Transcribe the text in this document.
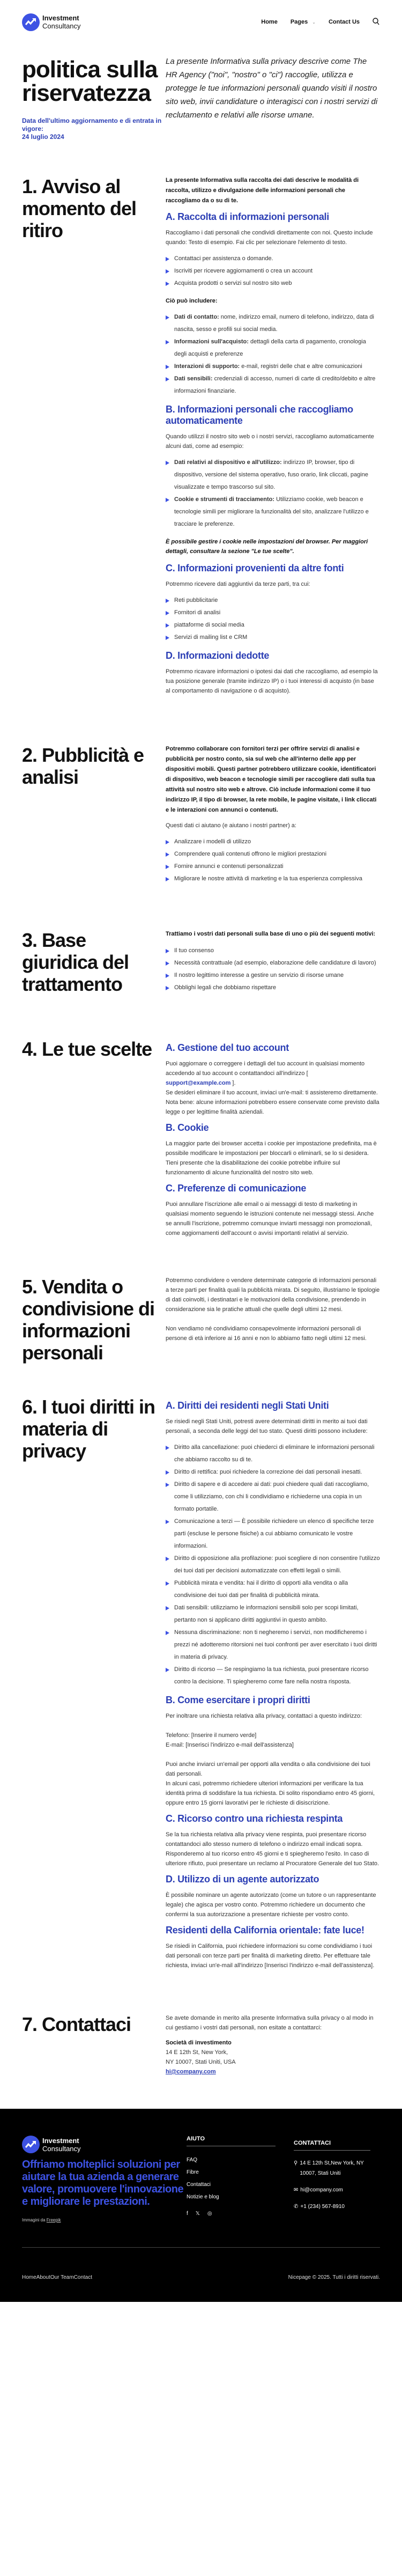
Investment
Consultancy	Home Pages ⌄ Contact Us
politica sulla riservatezza
Data dell'ultimo aggiornamento e di entrata in vigore:
24 luglio 2024

La presente Informativa sulla privacy descrive come The HR Agency ("noi", "nostro" o "ci") raccoglie, utilizza e protegge le tue informazioni personali quando visiti il nostro sito web, invii candidature o interagisci con i nostri servizi di reclutamento e relativi alle risorse umane.

1. Avviso al momento del ritiro

La presente Informativa sulla raccolta dei dati descrive le modalità di raccolta, utilizzo e divulgazione delle informazioni personali che raccogliamo da o su di te.

A. Raccolta di informazioni personali

Raccogliamo i dati personali che condividi direttamente con noi. Questo include quando: Testo di esempio. Fai clic per selezionare l'elemento di testo.

Contattaci per assistenza o domande.
Iscriviti per ricevere aggiornamenti o crea un account
Acquista prodotti o servizi sul nostro sito web

Ciò può includere:

Dati di contatto: nome, indirizzo email, numero di telefono, indirizzo, data di nascita, sesso e profili sui social media.
Informazioni sull'acquisto: dettagli della carta di pagamento, cronologia degli acquisti e preferenze
Interazioni di supporto: e-mail, registri delle chat e altre comunicazioni
Dati sensibili: credenziali di accesso, numeri di carte di credito/debito e altre informazioni finanziarie.
B. Informazioni personali che raccogliamo automaticamente

Quando utilizzi il nostro sito web o i nostri servizi, raccogliamo automaticamente alcuni dati, come ad esempio:

Dati relativi al dispositivo e all'utilizzo: indirizzo IP, browser, tipo di dispositivo, versione del sistema operativo, fuso orario, link cliccati, pagine visualizzate e tempo trascorso sul sito.
Cookie e strumenti di tracciamento: Utilizziamo cookie, web beacon e tecnologie simili per migliorare la funzionalità del sito, analizzare l'utilizzo e tracciare le preferenze.

È possibile gestire i cookie nelle impostazioni del browser. Per maggiori dettagli, consultare la sezione "Le tue scelte".

C. Informazioni provenienti da altre fonti

Potremmo ricevere dati aggiuntivi da terze parti, tra cui:

Reti pubblicitarie
Fornitori di analisi
piattaforme di social media
Servizi di mailing list e CRM
D. Informazioni dedotte

Potremmo ricavare informazioni o ipotesi dai dati che raccogliamo, ad esempio la tua posizione generale (tramite indirizzo IP) o i tuoi interessi di acquisto (in base al comportamento di navigazione o di acquisto).

2. Pubblicità e analisi

Potremmo collaborare con fornitori terzi per offrire servizi di analisi e pubblicità per nostro conto, sia sul web che all'interno delle app per dispositivi mobili. Questi partner potrebbero utilizzare cookie, identificatori di dispositivo, web beacon e tecnologie simili per raccogliere dati sulla tua attività sul nostro sito web e altrove. Ciò include informazioni come il tuo indirizzo IP, il tipo di browser, la rete mobile, le pagine visitate, i link cliccati e le interazioni con annunci o contenuti.

Questi dati ci aiutano (e aiutano i nostri partner) a:

Analizzare i modelli di utilizzo
Comprendere quali contenuti offrono le migliori prestazioni
Fornire annunci e contenuti personalizzati
Migliorare le nostre attività di marketing e la tua esperienza complessiva
3. Base giuridica del trattamento

Trattiamo i vostri dati personali sulla base di uno o più dei seguenti motivi:

Il tuo consenso
Necessità contrattuale (ad esempio, elaborazione delle candidature di lavoro)
Il nostro legittimo interesse a gestire un servizio di risorse umane
Obblighi legali che dobbiamo rispettare
4. Le tue scelte	A. Gestione del tuo account

Puoi aggiornare o correggere i dettagli del tuo account in qualsiasi momento accedendo al tuo account o contattandoci all'indirizzo [
support@example.com ].

Se desideri eliminare il tuo account, inviaci un'e-mail: ti assisteremo direttamente.

Nota bene: alcune informazioni potrebbero essere conservate come previsto dalla legge o per legittime finalità aziendali.

B. Cookie

La maggior parte dei browser accetta i cookie per impostazione predefinita, ma è possibile modificare le impostazioni per bloccarli o eliminarli, se lo si desidera. Tieni presente che la disabilitazione dei cookie potrebbe influire sul funzionamento di alcune funzionalità del nostro sito web.

C. Preferenze di comunicazione

Puoi annullare l'iscrizione alle email o ai messaggi di testo di marketing in qualsiasi momento seguendo le istruzioni contenute nei messaggi stessi. Anche se annulli l'iscrizione, potremmo comunque inviarti messaggi non promozionali, come aggiornamenti dell'account o avvisi importanti relativi al servizio.

5. Vendita o condivisione di informazioni personali

Potremmo condividere o vendere determinate categorie di informazioni personali a terze parti per finalità quali la pubblicità mirata. Di seguito, illustriamo le tipologie di dati coinvolti, i destinatari e le motivazioni della condivisione, prendendo in considerazione sia le pratiche attuali che quelle degli ultimi 12 mesi.

Non vendiamo né condividiamo consapevolmente informazioni personali di persone di età inferiore ai 16 anni e non lo abbiamo fatto negli ultimi 12 mesi.

6. I tuoi diritti in materia di privacy
A. Diritti dei residenti negli Stati Uniti

Se risiedi negli Stati Uniti, potresti avere determinati diritti in merito ai tuoi dati personali, a seconda delle leggi del tuo stato. Questi diritti possono includere:

Diritto alla cancellazione: puoi chiederci di eliminare le informazioni personali che abbiamo raccolto su di te.
Diritto di rettifica: puoi richiedere la correzione dei dati personali inesatti.
Diritto di sapere e di accedere ai dati: puoi chiedere quali dati raccogliamo, come li utilizziamo, con chi li condividiamo e richiederne una copia in un formato portatile.
Comunicazione a terzi — È possibile richiedere un elenco di specifiche terze parti (escluse le persone fisiche) a cui abbiamo comunicato le vostre informazioni.
Diritto di opposizione alla profilazione: puoi scegliere di non consentire l'utilizzo dei tuoi dati per decisioni automatizzate con effetti legali o simili.
Pubblicità mirata e vendita: hai il diritto di opporti alla vendita o alla condivisione dei tuoi dati per finalità di pubblicità mirata.
Dati sensibili: utilizziamo le informazioni sensibili solo per scopi limitati, pertanto non si applicano diritti aggiuntivi in questo ambito.
Nessuna discriminazione: non ti negheremo i servizi, non modificheremo i prezzi né adotteremo ritorsioni nei tuoi confronti per aver esercitato i tuoi diritti in materia di privacy.
Diritto di ricorso — Se respingiamo la tua richiesta, puoi presentare ricorso contro la decisione. Ti spiegheremo come fare nella nostra risposta.
B. Come esercitare i propri diritti

Per inoltrare una richiesta relativa alla privacy, contattaci a questo indirizzo:

Telefono: [Inserire il numero verde]

E-mail: [Inserisci l'indirizzo e-mail dell'assistenza]

Puoi anche inviarci un'email per opporti alla vendita o alla condivisione dei tuoi dati personali.

In alcuni casi, potremmo richiedere ulteriori informazioni per verificare la tua identità prima di soddisfare la tua richiesta. Di solito rispondiamo entro 45 giorni, oppure entro 15 giorni lavorativi per le richieste di disiscrizione.

C. Ricorso contro una richiesta respinta

Se la tua richiesta relativa alla privacy viene respinta, puoi presentare ricorso contattandoci allo stesso numero di telefono o indirizzo email indicati sopra. Risponderemo al tuo ricorso entro 45 giorni e ti spiegheremo l'esito. In caso di ulteriore rifiuto, puoi presentare un reclamo al Procuratore Generale del tuo Stato.

D. Utilizzo di un agente autorizzato

È possibile nominare un agente autorizzato (come un tutore o un rappresentante legale) che agisca per vostro conto. Potremmo richiedere un documento che confermi la sua autorizzazione a presentare richieste per vostro conto.

Residenti della California orientale: fate luce!

Se risiedi in California, puoi richiedere informazioni su come condividiamo i tuoi dati personali con terze parti per finalità di marketing diretto. Per effettuare tale richiesta, inviaci un'e-mail all'indirizzo [Inserisci l'indirizzo e-mail dell'assistenza].

7. Contattaci	Se avete domande in merito alla presente Informativa sulla privacy o al modo in cui gestiamo i vostri dati personali, non esitate a contattarci:

Società di investimento

14 E 12th St, New York,

NY 10007, Stati Uniti, USA

hi@company.com
Investment
Consultancy

Offriamo molteplici soluzioni per aiutare la tua azienda a generare valore, promuovere l'innovazione e migliorare le prestazioni.

Immagini da Freepik

AIUTO
FAQ
Fibre
Contattaci
Notizie e blog
f 𝕏 ◎
CONTATTACI
⚲ 14 E 12th St,New York, NY 10007, Stati Uniti
✉ hi@company.com
✆ +1 (234) 567-8910
Home About Our Team Contact	Nicepage © 2025. Tutti i diritti riservati.
